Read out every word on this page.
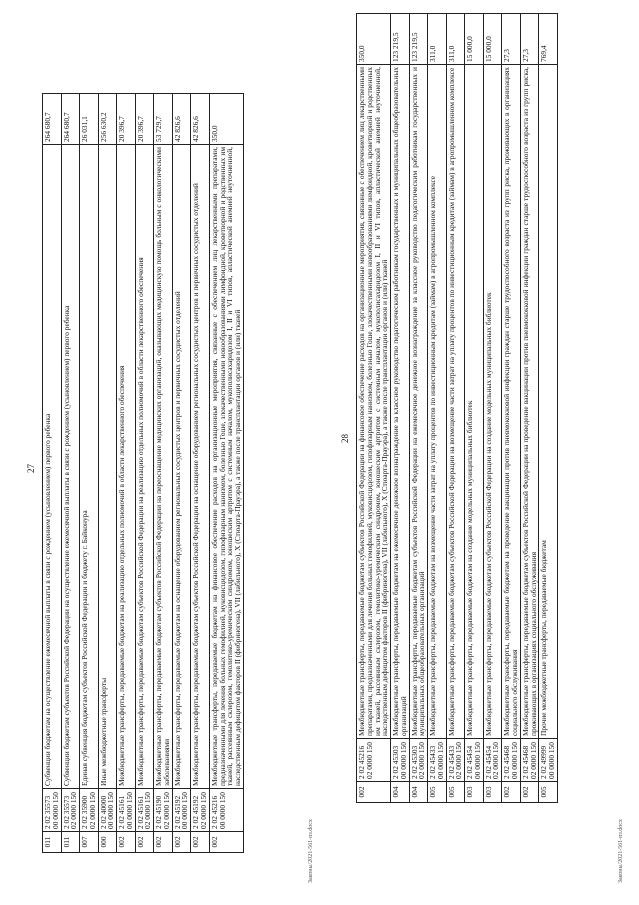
27
011	2 02 35573 00 0000 150	Субвенции бюджетам на осуществление ежемесячной выплаты в связи с рождением (усыновлением) первого ребенка	264 680,7
011	2 02 35573 02 0000 150	Субвенции бюджетам субъектов Российской Федерации на осуществление ежемесячной выплаты в связи с рождением (усыновлением) первого ребенка	264 680,7
007	2 02 35900 02 0000 150	Единая субвенция бюджетам субъектов Российской Федерации и бюджету г. Байконура	26 031,1
000	2 02 40000 00 0000 150	Иные межбюджетные трансферты	256 630,2
002	2 02 45161 00 0000 150	Межбюджетные трансферты, передаваемые бюджетам на реализацию отдельных полномочий в области лекарственного обеспечения	20 396,7
002	2 02 45161 02 0000 150	Межбюджетные трансферты, передаваемые бюджетам субъектов Российской Федерации на реализацию отдельных полномочий в области лекарственного обеспечения	20 396,7
002	2 02 45190 02 0000 150	Межбюджетные трансферты, передаваемые бюджетам субъектов Российской Федерации на переоснащение медицинских организаций, оказывающих медицинскую помощь больным с онкологическими заболеваниями	53 729,7
002	2 02 45192 00 0000 150	Межбюджетные трансферты, передаваемые бюджетам на оснащение оборудованием региональных сосудистых центров и первичных сосудистых отделений	42 826,6
002	2 02 45192 02 0000 150	Межбюджетные трансферты, передаваемые бюджетам субъектов Российской Федерации на оснащение оборудованием региональных сосудистых центров и первичных сосудистых отделений	42 826,6
002	2 02 45216 00 0000 150	Межбюджетные трансферты, передаваемые бюджетам на финансовое обеспечение расходов на организационные мероприятия, связанные с обеспечением лиц лекарственными препаратами, предназначенными для лечения больных гемофилией, муковисцидозом, гипофизарным нанизмом, болезнью Гоше, злокачественными новообразованиями лимфоидной, кроветворной и родственных им тканей, рассеянным склерозом, гемолитико-уремическим синдромом, юношеским артритом с системным началом, мукополисахаридозом I, II и VI типов, апластической анемией неуточненной, наследственным дефицитом факторов II (фибриногена), VII (лабильного), X (Стюарта-Прауэра), а также после трансплантации органов и (или) тканей	350,0
Законы/2021-561-пз.docx
28
002	2 02 45216 02 0000 150	Межбюджетные трансферты, передаваемые бюджетам субъектов Российской Федерации на финансовое обеспечение расходов на организационные мероприятия, связанные с обеспечением лиц лекарственными препаратами, предназначенными для лечения больных гемофилией, муковисцидозом, гипофизарным нанизмом, болезнью Гоше, злокачественными новообразованиями лимфоидной, кроветворной и родственных им тканей, рассеянным склерозом, гемолитико-уремическим синдромом, юношеским артритом с системным началом, мукополисахаридозом I, II и VI типов, апластической анемией неуточненной, наследственным дефицитом факторов II (фибриногена), VII (лабильного), X (Стюарта-Прауэра), а также после трансплантации органов и (или) тканей	350,0
004	2 02 45303 00 0000 150	Межбюджетные трансферты, передаваемые бюджетам на ежемесячное денежное вознаграждение за классное руководство педагогическим работникам государственных и муниципальных общеобразовательных организаций	123 219,5
004	2 02 45303 02 0000 150	Межбюджетные трансферты, передаваемые бюджетам субъектов Российской Федерации на ежемесячное денежное вознаграждение за классное руководство педагогическим работникам государственных и муниципальных общеобразовательных организаций	123 219,5
005	2 02 45433 00 0000 150	Межбюджетные трансферты, передаваемые бюджетам на возмещение части затрат на уплату процентов по инвестиционным кредитам (займам) в агропромышленном комплексе	311,0
005	2 02 45433 02 0000 150	Межбюджетные трансферты, передаваемые бюджетам субъектов Российской Федерации на возмещение части затрат на уплату процентов по инвестиционным кредитам (займам) в агропромышленном комплексе	311,0
003	2 02 45454 00 0000 150	Межбюджетные трансферты, передаваемые бюджетам на создание модельных муниципальных библиотек	15 000,0
003	2 02 45454 02 0000 150	Межбюджетные трансферты, передаваемые бюджетам субъектов Российской Федерации на создание модельных муниципальных библиотек	15 000,0
002	2 02 45468 00 0000 150	Межбюджетные трансферты, передаваемые бюджетам на проведение вакцинации против пневмококковой инфекции граждан старше трудоспособного возраста из групп риска, проживающих в организациях социального обслуживания	27,3
002	2 02 45468 02 0000 150	Межбюджетные трансферты, передаваемые бюджетам субъектов Российской Федерации на проведение вакцинации против пневмококковой инфекции граждан старше трудоспособного возраста из групп риска, проживающих в организациях социального обслуживания	27,3
005	2 02 49999 00 0000 150	Прочие межбюджетные трансферты, передаваемые бюджетам	769,4
Законы/2021-561-пз.docx
